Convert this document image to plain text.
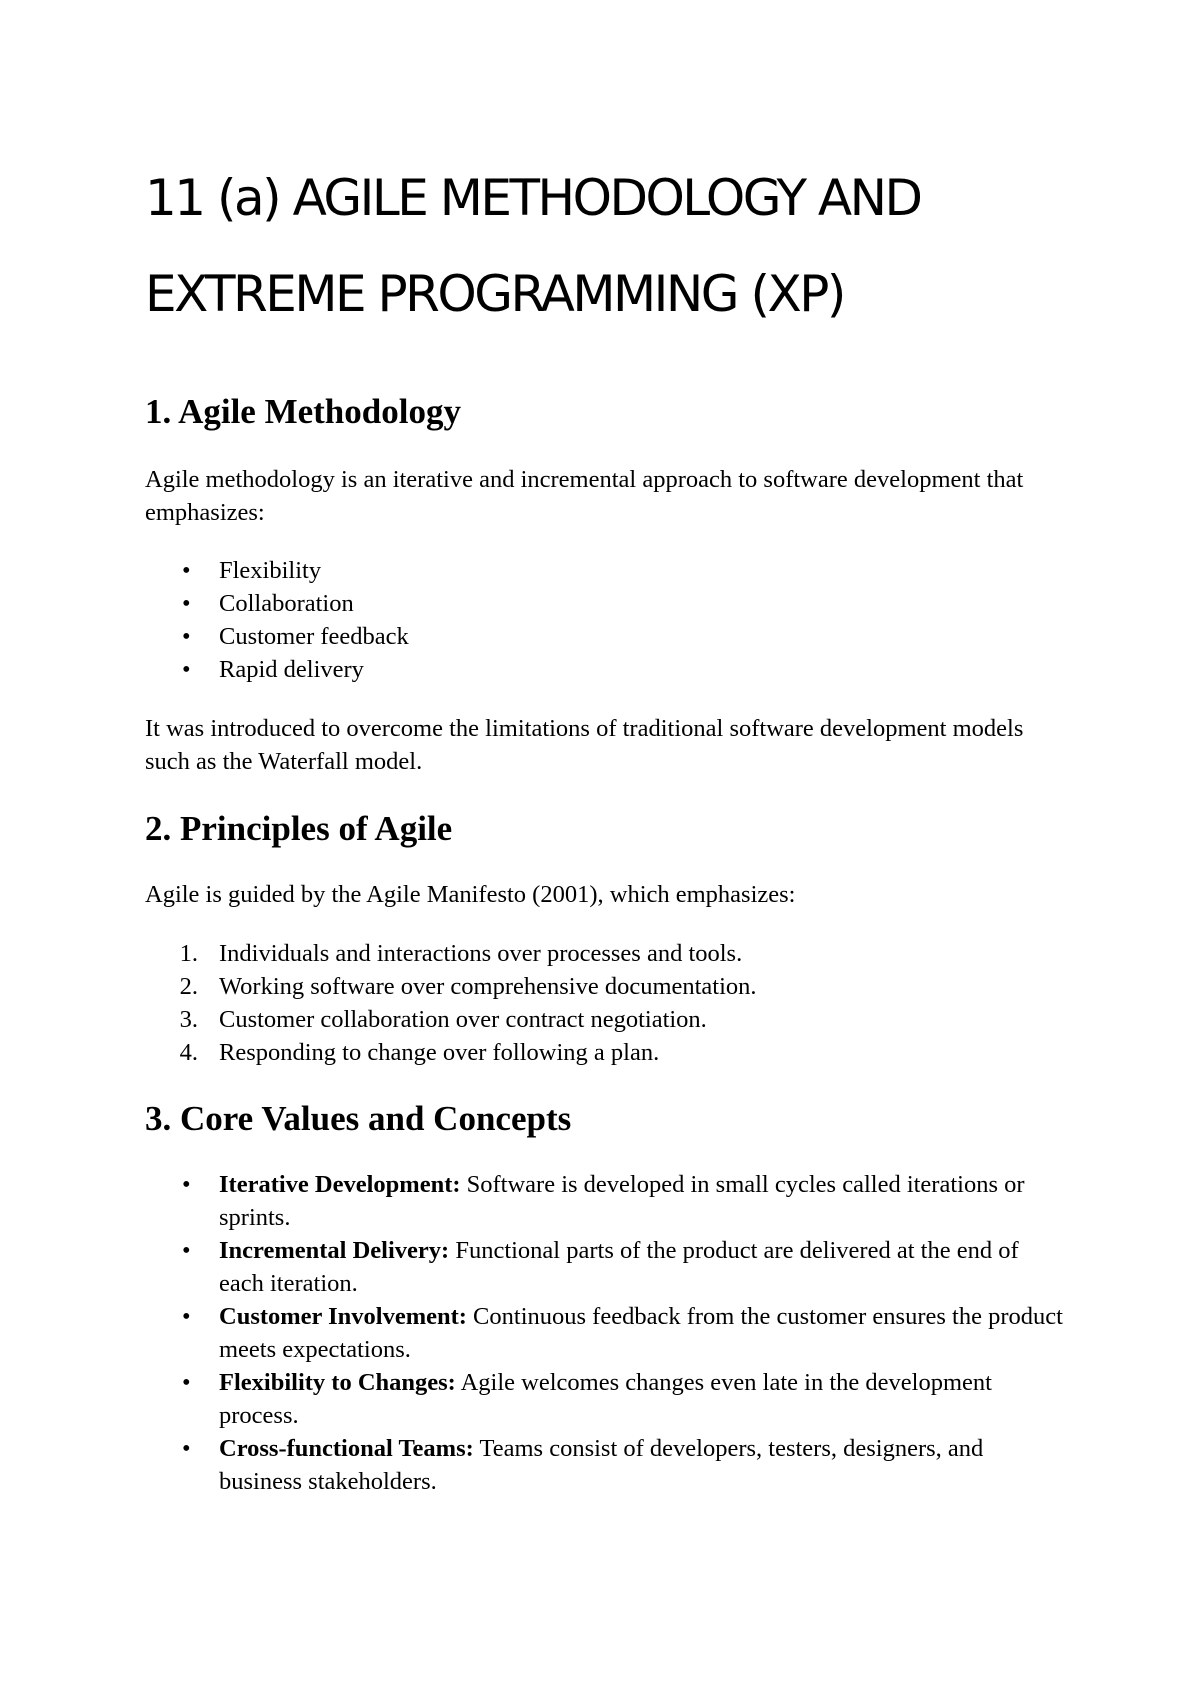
11 (a) AGILE METHODOLOGY AND
EXTREME PROGRAMMING (XP)
1. Agile Methodology

Agile methodology is an iterative and incremental approach to software development that emphasizes:

•	Flexibility
•	Collaboration
•	Customer feedback
•	Rapid delivery

It was introduced to overcome the limitations of traditional software development models such as the Waterfall model.

2. Principles of Agile

Agile is guided by the Agile Manifesto (2001), which emphasizes:

1. Individuals and interactions over processes and tools.
2. Working software over comprehensive documentation.
3. Customer collaboration over contract negotiation.
4. Responding to change over following a plan.
3. Core Values and Concepts
•	Iterative Development: Software is developed in small cycles called iterations or sprints.
•	Incremental Delivery: Functional parts of the product are delivered at the end of each iteration.
•	Customer Involvement: Continuous feedback from the customer ensures the product meets expectations.
•	Flexibility to Changes: Agile welcomes changes even late in the development process.
•	Cross-functional Teams: Teams consist of developers, testers, designers, and business stakeholders.
